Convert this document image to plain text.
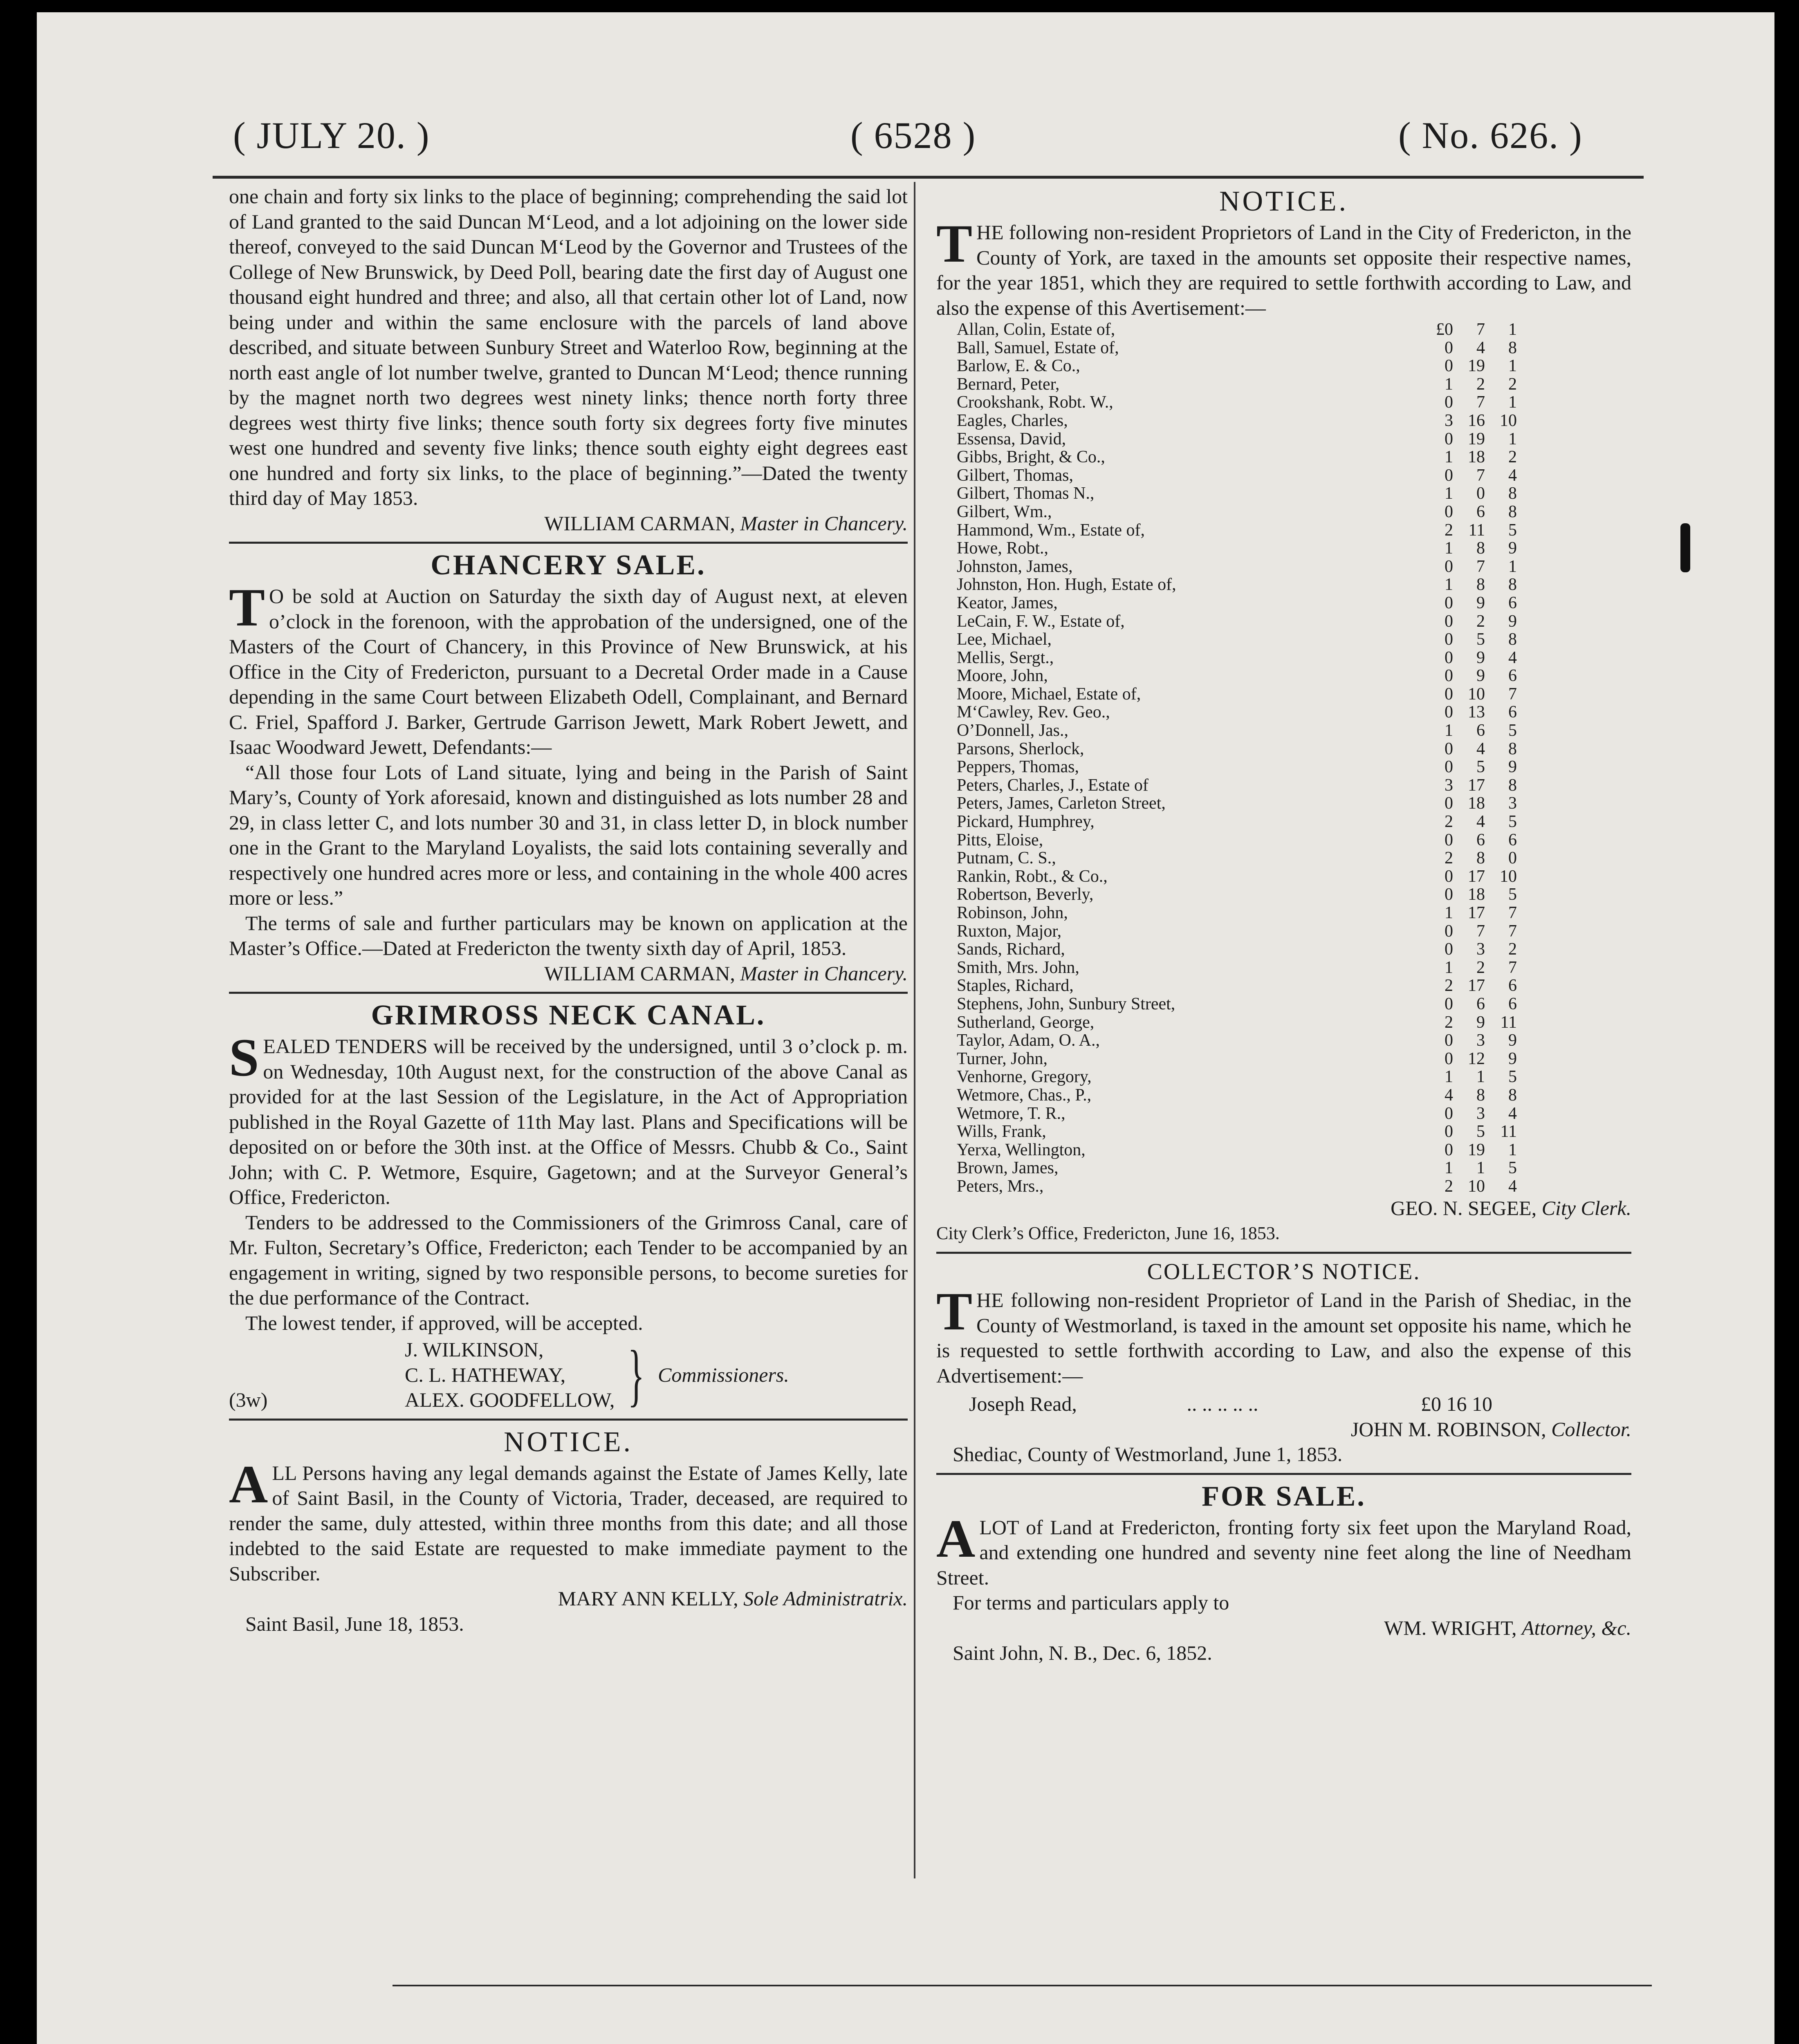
( JULY 20. )	( 6528 )	( No. 626. )

one chain and forty six links to the place of beginning; comprehending the said lot of Land granted to the said Duncan M‘Leod, and a lot adjoining on the lower side thereof, conveyed to the said Duncan M‘Leod by the Governor and Trustees of the College of New Brunswick, by Deed Poll, bearing date the first day of August one thousand eight hundred and three; and also, all that certain other lot of Land, now being under and within the same enclosure with the parcels of land above described, and situate between Sunbury Street and Waterloo Row, beginning at the north east angle of lot number twelve, granted to Duncan M‘Leod; thence running by the magnet north two degrees west ninety links; thence north forty three degrees west thirty five links; thence south forty six degrees forty five minutes west one hundred and seventy five links; thence south eighty eight degrees east one hundred and forty six links, to the place of beginning.”—Dated the twenty third day of May 1853.

WILLIAM CARMAN, Master in Chancery.

CHANCERY SALE.

T O be sold at Auction on Saturday the sixth day of August next, at eleven o’clock in the forenoon, with the approbation of the undersigned, one of the Masters of the Court of Chancery, in this Province of New Brunswick, at his Office in the City of Fredericton, pursuant to a Decretal Order made in a Cause depending in the same Court between Elizabeth Odell, Complainant, and Bernard C. Friel, Spafford J. Barker, Gertrude Garrison Jewett, Mark Robert Jewett, and Isaac Woodward Jewett, Defendants:—

“All those four Lots of Land situate, lying and being in the Parish of Saint Mary’s, County of York aforesaid, known and distinguished as lots number 28 and 29, in class letter C, and lots number 30 and 31, in class letter D, in block number one in the Grant to the Maryland Loyalists, the said lots containing severally and respectively one hundred acres more or less, and containing in the whole 400 acres more or less.”

The terms of sale and further particulars may be known on application at the Master’s Office.—Dated at Fredericton the twenty sixth day of April, 1853.

WILLIAM CARMAN, Master in Chancery.

GRIMROSS NECK CANAL.

SEALED TENDERS will be received by the undersigned, until 3 o’clock p. m. on Wednesday, 10th August next, for the construction of the above Canal as provided for at the last Session of the Legislature, in the Act of Appropriation published in the Royal Gazette of 11th May last. Plans and Specifications will be deposited on or before the 30th inst. at the Office of Messrs. Chubb & Co., Saint John; with C. P. Wetmore, Esquire, Gagetown; and at the Surveyor General’s Office, Fredericton.

Tenders to be addressed to the Commissioners of the Grimross Canal, care of Mr. Fulton, Secretary’s Office, Fredericton; each Tender to be accompanied by an engagement in writing, signed by two responsible persons, to become sureties for the due performance of the Contract.

The lowest tender, if approved, will be accepted.

(3w)
J. WILKINSON,
C. L. HATHEWAY,
ALEX. GOODFELLOW, } Commissioners.
NOTICE.

ALL Persons having any legal demands against the Estate of James Kelly, late of Saint Basil, in the County of Victoria, Trader, deceased, are required to render the same, duly attested, within three months from this date; and all those indebted to the said Estate are requested to make immediate payment to the Subscriber.

MARY ANN KELLY, Sole Administratrix.

Saint Basil, June 18, 1853.

NOTICE.

THE following non-resident Proprietors of Land in the City of Fredericton, in the County of York, are taxed in the amounts set opposite their respective names, for the year 1851, which they are required to settle forthwith according to Law, and also the expense of this Avertisement:—

Allan, Colin, Estate of,	£0 7 1
Ball, Samuel, Estate of,	0 4 8
Barlow, E. & Co.,	0 19 1
Bernard, Peter,	1 2 2
Crookshank, Robt. W.,	0 7 1
Eagles, Charles,	3 16 10
Essensa, David,	0 19 1
Gibbs, Bright, & Co.,	1 18 2
Gilbert, Thomas,	0 7 4
Gilbert, Thomas N.,	1 0 8
Gilbert, Wm.,	0 6 8
Hammond, Wm., Estate of,	2 11 5
Howe, Robt.,	1 8 9
Johnston, James,	0 7 1
Johnston, Hon. Hugh, Estate of,	1 8 8
Keator, James,	0 9 6
LeCain, F. W., Estate of,	0 2 9
Lee, Michael,	0 5 8
Mellis, Sergt.,	0 9 4
Moore, John,	0 9 6
Moore, Michael, Estate of,	0 10 7
M‘Cawley, Rev. Geo.,	0 13 6
O’Donnell, Jas.,	1 6 5
Parsons, Sherlock,	0 4 8
Peppers, Thomas,	0 5 9
Peters, Charles, J., Estate of	3 17 8
Peters, James, Carleton Street,	0 18 3
Pickard, Humphrey,	2 4 5
Pitts, Eloise,	0 6 6
Putnam, C. S.,	2 8 0
Rankin, Robt., & Co.,	0 17 10
Robertson, Beverly,	0 18 5
Robinson, John,	1 17 7
Ruxton, Major,	0 7 7
Sands, Richard,	0 3 2
Smith, Mrs. John,	1 2 7
Staples, Richard,	2 17 6
Stephens, John, Sunbury Street,	0 6 6
Sutherland, George,	2 9 11
Taylor, Adam, O. A.,	0 3 9
Turner, John,	0 12 9
Venhorne, Gregory,	1 1 5
Wetmore, Chas., P.,	4 8 8
Wetmore, T. R.,	0 3 4
Wills, Frank,	0 5 11
Yerxa, Wellington,	0 19 1
Brown, James,	1 1 5
Peters, Mrs.,	2 10 4

GEO. N. SEGEE, City Clerk.

City Clerk’s Office, Fredericton, June 16, 1853.

COLLECTOR’S NOTICE.

THE following non-resident Proprietor of Land in the Parish of Shediac, in the County of Westmorland, is taxed in the amount set opposite his name, which he is requested to settle forthwith according to Law, and also the expense of this Advertisement:—

Joseph Read,	.. .. .. .. ..	£0 16 10

JOHN M. ROBINSON, Collector.

Shediac, County of Westmorland, June 1, 1853.

FOR SALE.

ALOT of Land at Fredericton, fronting forty six feet upon the Maryland Road, and extending one hundred and seventy nine feet along the line of Needham Street.

For terms and particulars apply to

WM. WRIGHT, Attorney, &c.

Saint John, N. B., Dec. 6, 1852.
